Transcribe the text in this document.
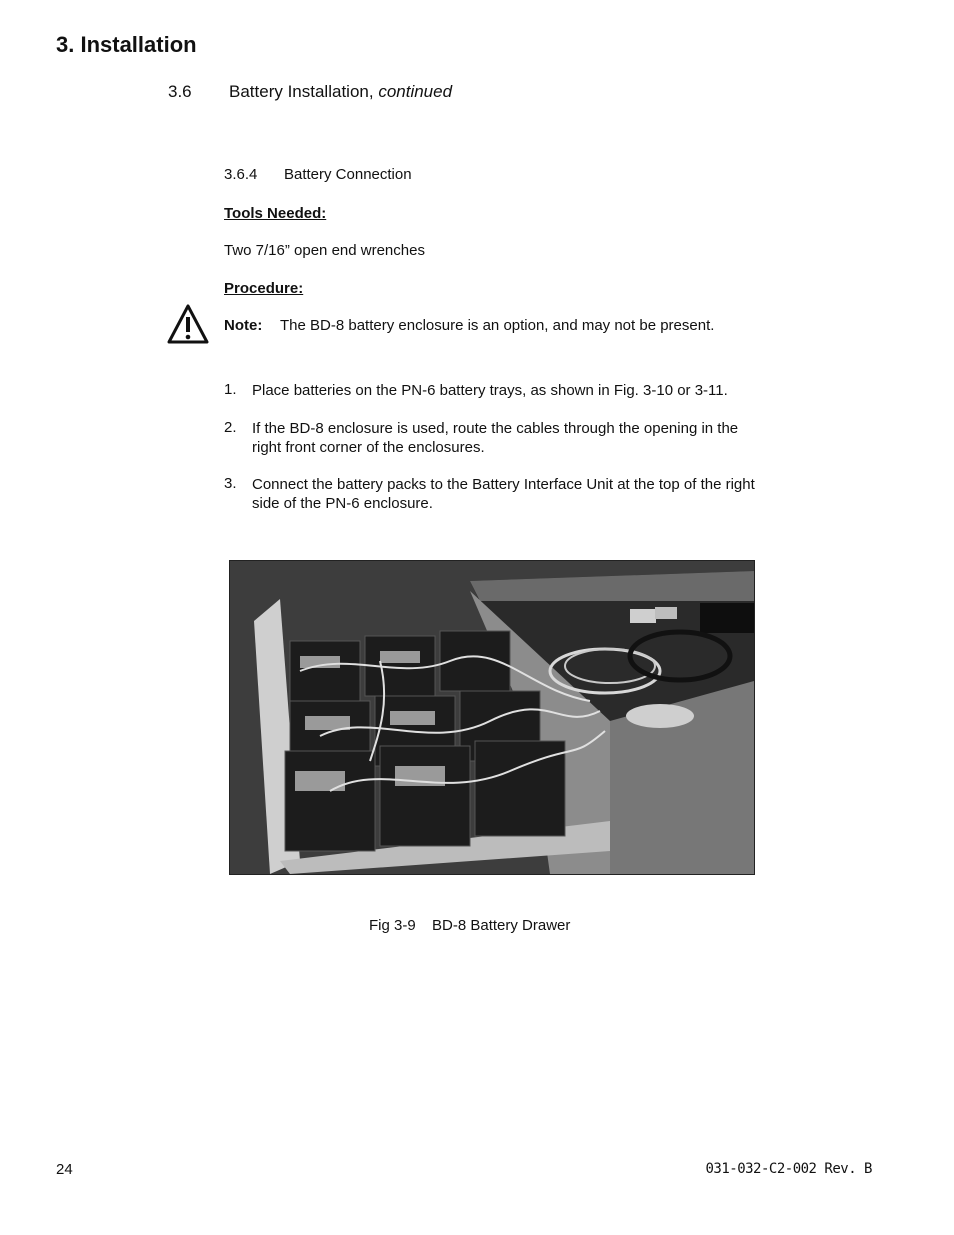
3. Installation
3.6 Battery Installation, continued
3.6.4 Battery Connection
Tools Needed:
Two 7/16” open end wrenches
Procedure:
Note: The BD-8 battery enclosure is an option, and may not be present.
1. Place batteries on the PN-6 battery trays, as shown in Fig. 3-10 or 3-11.
2. If the BD-8 enclosure is used, route the cables through the opening in the right front corner of the enclosures.
3. Connect the battery packs to the Battery Interface Unit at the top of the right side of the PN-6 enclosure.
Fig 3-9 BD-8 Battery Drawer
24	031-032-C2-002 Rev. B
